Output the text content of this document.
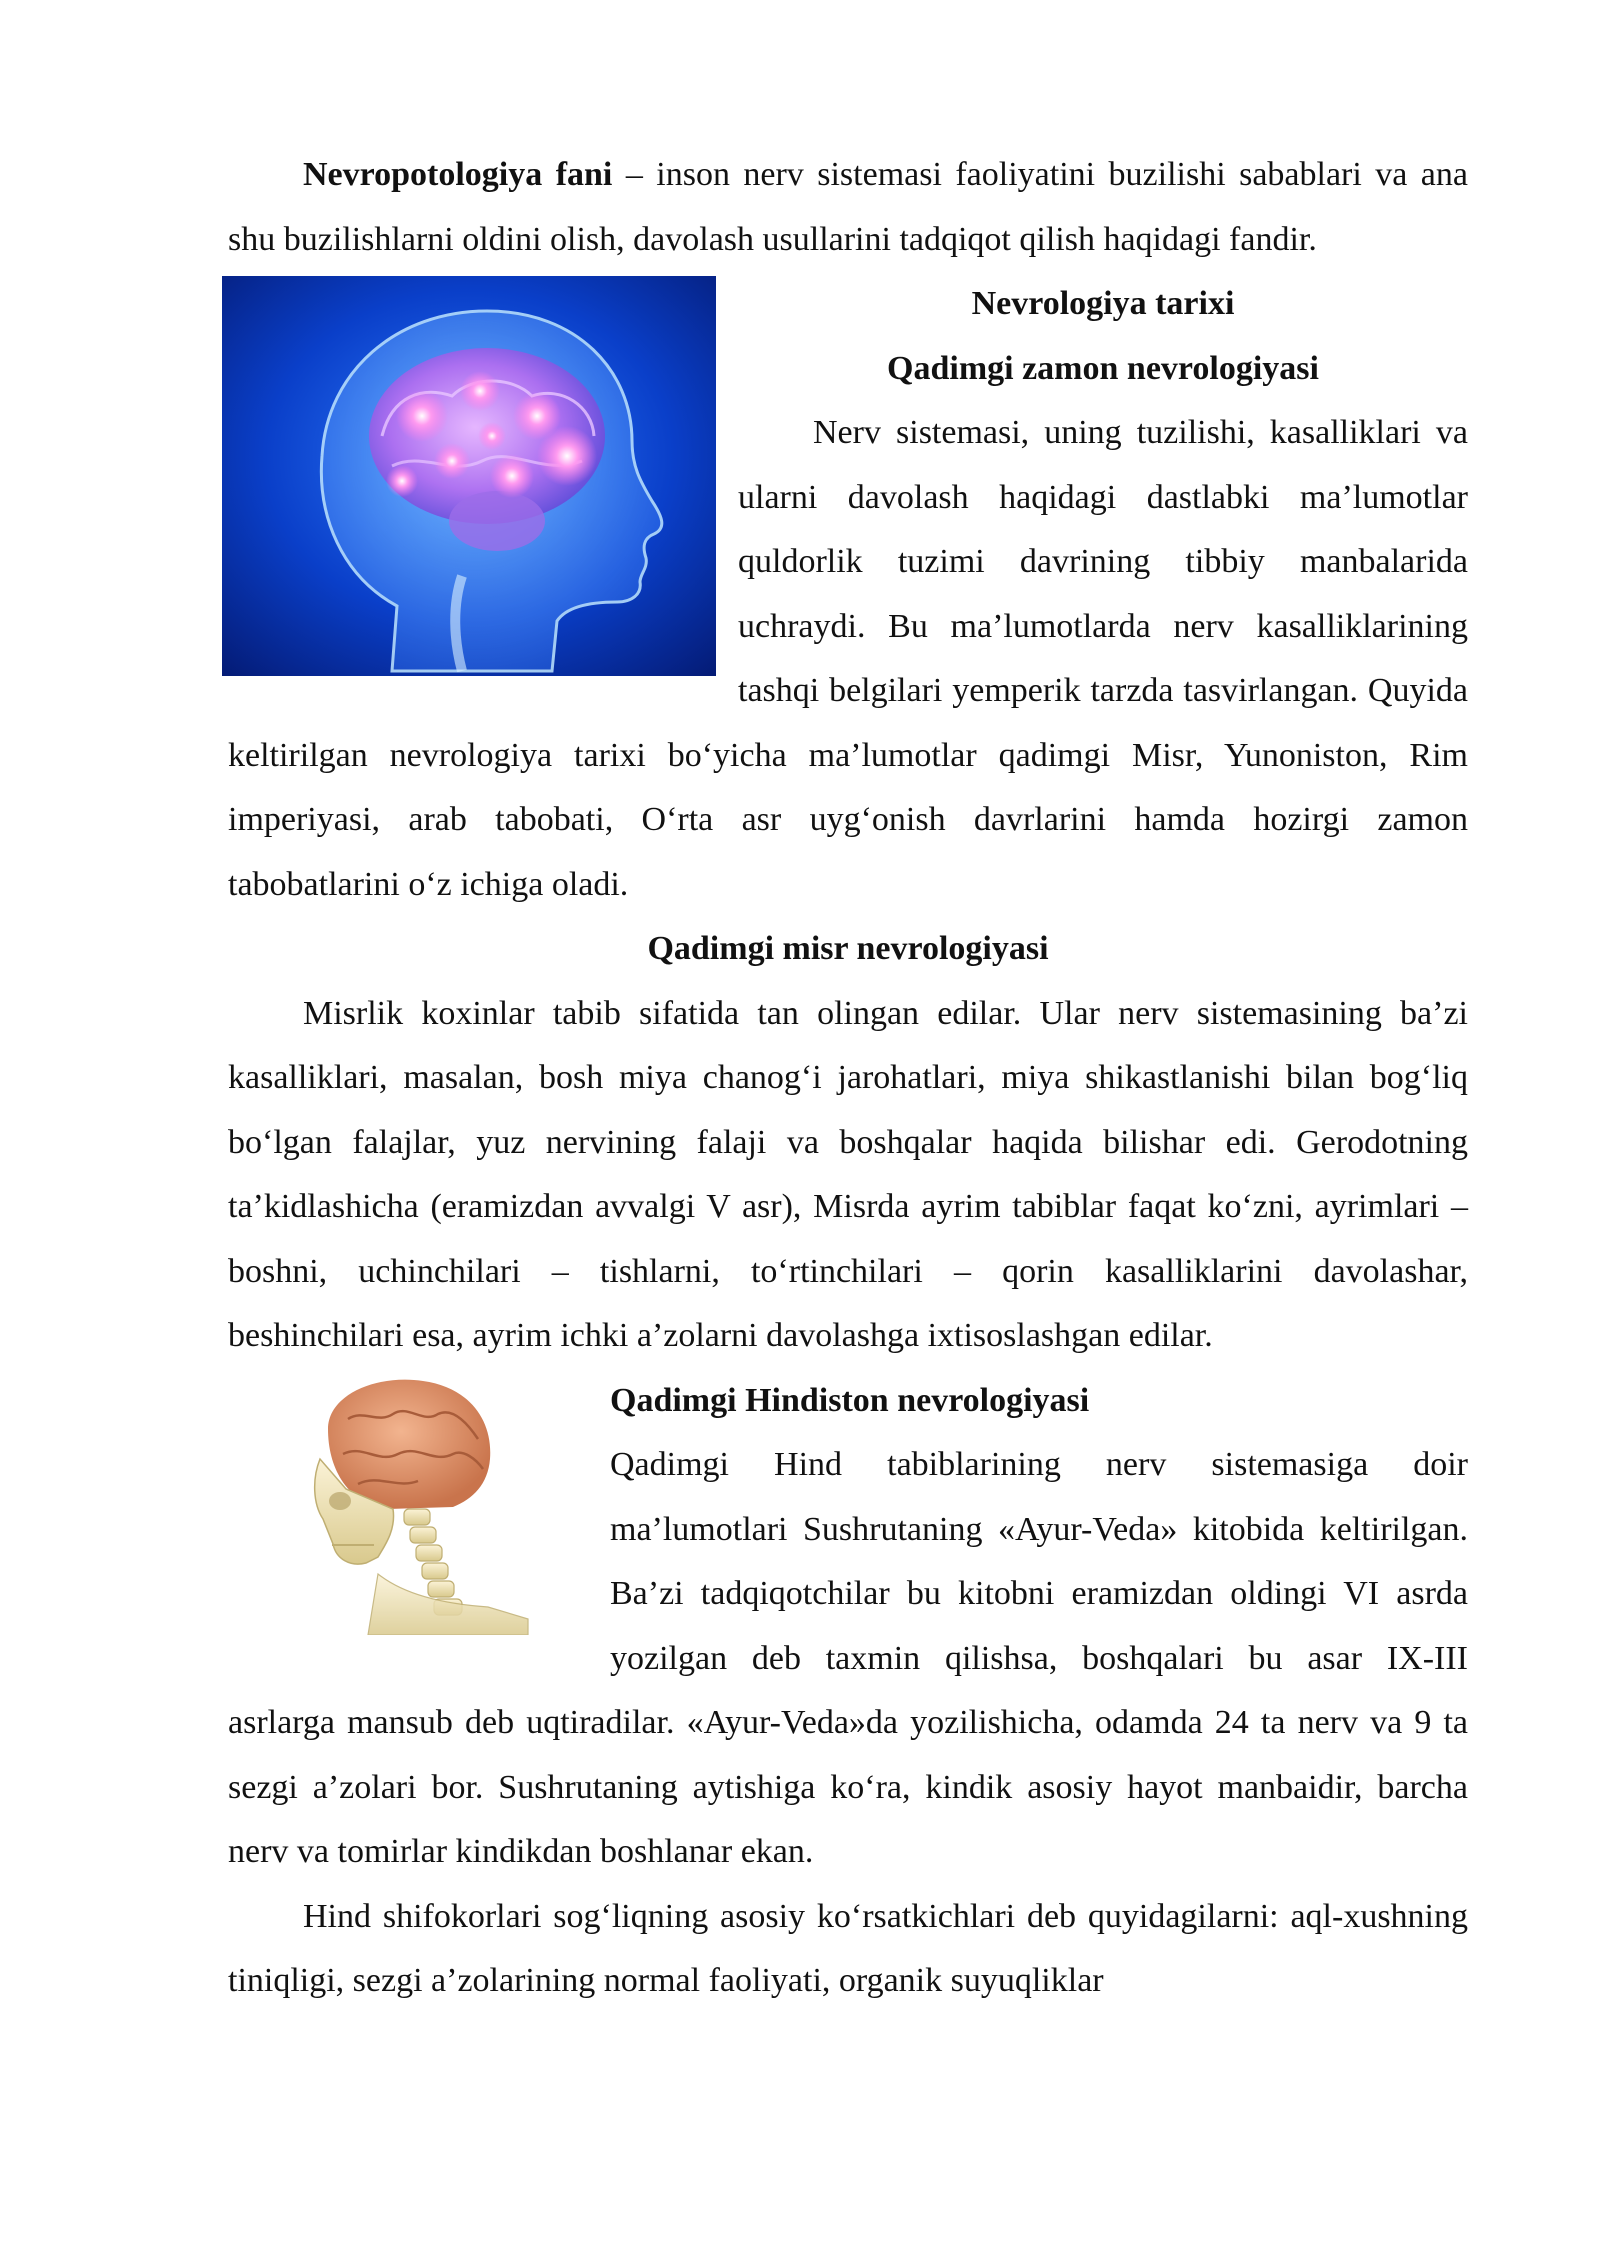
Nevropotologiya fani – inson nerv sistemasi faoliyatini buzilishi sabablari va ana shu buzilishlarni oldini olish, davolash usullarini tadqiqot qilish haqidagi fandir.

Nevrologiya tarixi

Qadimgi zamon nevrologiyasi

Nerv sistemasi, uning tuzilishi, kasalliklari va ularni davolash haqidagi dastlabki ma’lumotlar quldorlik tuzimi davrining tibbiy manbalarida uchraydi. Bu ma’lumotlarda nerv kasalliklarining tashqi belgilari yemperik tarzda tasvirlangan. Quyida keltirilgan nevrologiya tarixi bo‘yicha ma’lumotlar qadimgi Misr, Yunoniston, Rim imperiyasi, arab tabobati, O‘rta asr uyg‘onish davrlarini hamda hozirgi zamon tabobatlarini o‘z ichiga oladi.

Qadimgi misr nevrologiyasi

Misrlik koxinlar tabib sifatida tan olingan edilar. Ular nerv sistemasining ba’zi kasalliklari, masalan, bosh miya chanog‘i jarohatlari, miya shikastlanishi bilan bog‘liq bo‘lgan falajlar, yuz nervining falaji va boshqalar haqida bilishar edi. Gerodotning ta’kidlashicha (eramizdan avvalgi V asr), Misrda ayrim tabiblar faqat ko‘zni, ayrimlari – boshni, uchinchilari – tishlarni, to‘rtinchilari – qorin kasalliklarini davolashar, beshinchilari esa, ayrim ichki a’zolarni davolashga ixtisoslashgan edilar.

Qadimgi Hindiston nevrologiyasi

Qadimgi Hind tabiblarining nerv sistemasiga doir ma’lumotlari Sushrutaning «Ayur-Veda» kitobida keltirilgan. Ba’zi tadqiqotchilar bu kitobni eramizdan oldingi VI asrda yozilgan deb taxmin qilishsa, boshqalari bu asar IX-III asrlarga mansub deb uqtiradilar. «Ayur-Veda»da yozilishicha, odamda 24 ta nerv va 9 ta sezgi a’zolari bor. Sushrutaning aytishiga ko‘ra, kindik asosiy hayot manbaidir, barcha nerv va tomirlar kindikdan boshlanar ekan.

Hind shifokorlari sog‘liqning asosiy ko‘rsatkichlari deb quyidagilarni: aql-xushning tiniqligi, sezgi a’zolarining normal faoliyati, organik suyuqliklar
